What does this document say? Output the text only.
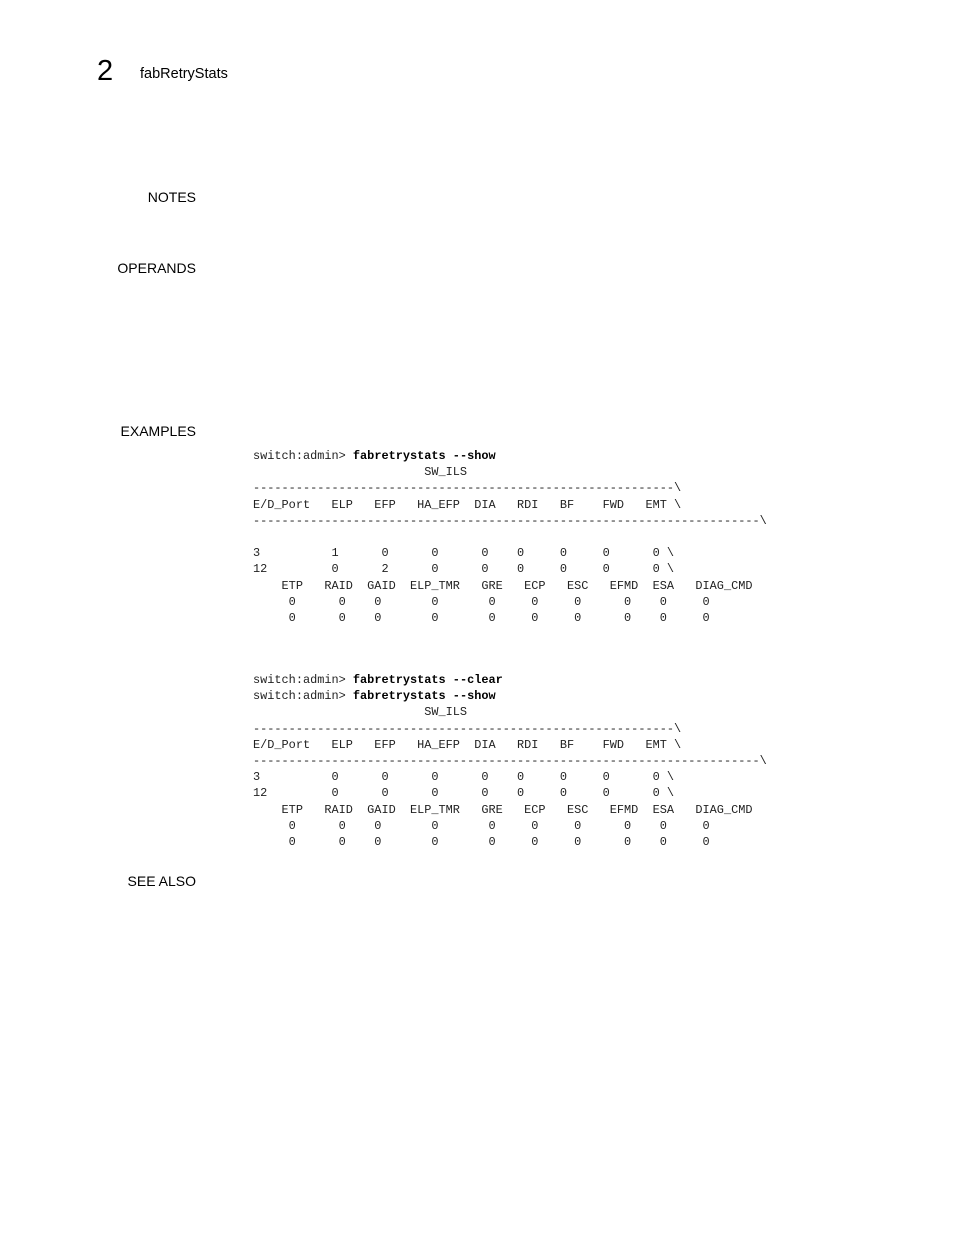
2 fabRetryStats
NOTES
OPERANDS
EXAMPLES
SEE ALSO
switch:admin> fabretrystats --show
SW_ILS
-----------------------------------------------------------\
E/D_Port   ELP   EFP   HA_EFP  DIA   RDI   BF    FWD   EMT \
-----------------------------------------------------------------------\

3          1      0      0      0    0     0     0      0 \
12         0      2      0      0    0     0     0      0 \
ETP   RAID  GAID  ELP_TMR   GRE   ECP   ESC   EFMD  ESA   DIAG_CMD
0      0    0       0       0     0     0      0    0     0
0      0    0       0       0     0     0      0    0     0
switch:admin> fabretrystats --clear
switch:admin> fabretrystats --show
SW_ILS
-----------------------------------------------------------\
E/D_Port   ELP   EFP   HA_EFP  DIA   RDI   BF    FWD   EMT \
-----------------------------------------------------------------------\
3          0      0      0      0    0     0     0      0 \
12         0      0      0      0    0     0     0      0 \
ETP   RAID  GAID  ELP_TMR   GRE   ECP   ESC   EFMD  ESA   DIAG_CMD
0      0    0       0       0     0     0      0    0     0
0      0    0       0       0     0     0      0    0     0
